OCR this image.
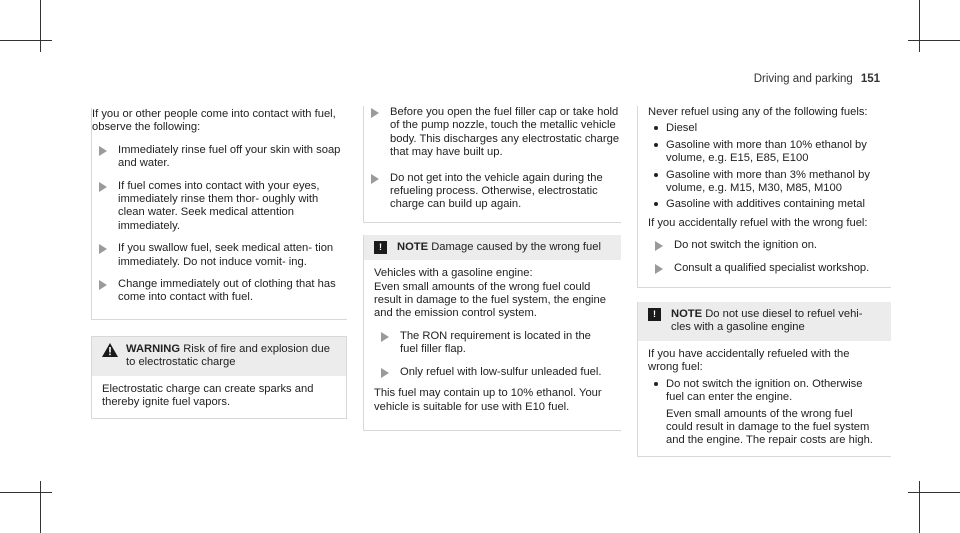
Driving and parking 151

If you or other people come into contact with fuel, observe the following:

Immediately rinse fuel off your skin with soap and water.
If fuel comes into contact with your eyes, immediately rinse them thor‐ oughly with clean water. Seek medical attention immediately.
If you swallow fuel, seek medical atten‐ tion immediately. Do not induce vomit‐ ing.
Change immediately out of clothing that has come into contact with fuel.

WARNING Risk of fire and explosion due to electrostatic charge

Electrostatic charge can create sparks and thereby ignite fuel vapors.

Before you open the fuel filler cap or take hold of the pump nozzle, touch the metallic vehicle body. This discharges any electrostatic charge that may have built up.
Do not get into the vehicle again during the refueling process. Otherwise, electrostatic charge can build up again.
!	NOTE Damage caused by the wrong fuel

Vehicles with a gasoline engine:

Even small amounts of the wrong fuel could result in damage to the fuel system, the engine and the emission control system.

The RON requirement is located in the fuel filler flap.
Only refuel with low-sulfur unleaded fuel.

This fuel may contain up to 10% ethanol. Your vehicle is suitable for use with E10 fuel.

Never refuel using any of the following fuels:

Diesel
Gasoline with more than 10% ethanol by volume, e.g. E15, E85, E100
Gasoline with more than 3% methanol by volume, e.g. M15, M30, M85, M100
Gasoline with additives containing metal

If you accidentally refuel with the wrong fuel:

Do not switch the ignition on.
Consult a qualified specialist workshop.
!	NOTE Do not use diesel to refuel vehi‐ cles with a gasoline engine

If you have accidentally refueled with the wrong fuel:

Do not switch the ignition on. Otherwise fuel can enter the engine.

Even small amounts of the wrong fuel could result in damage to the fuel system and the engine. The repair costs are high.
